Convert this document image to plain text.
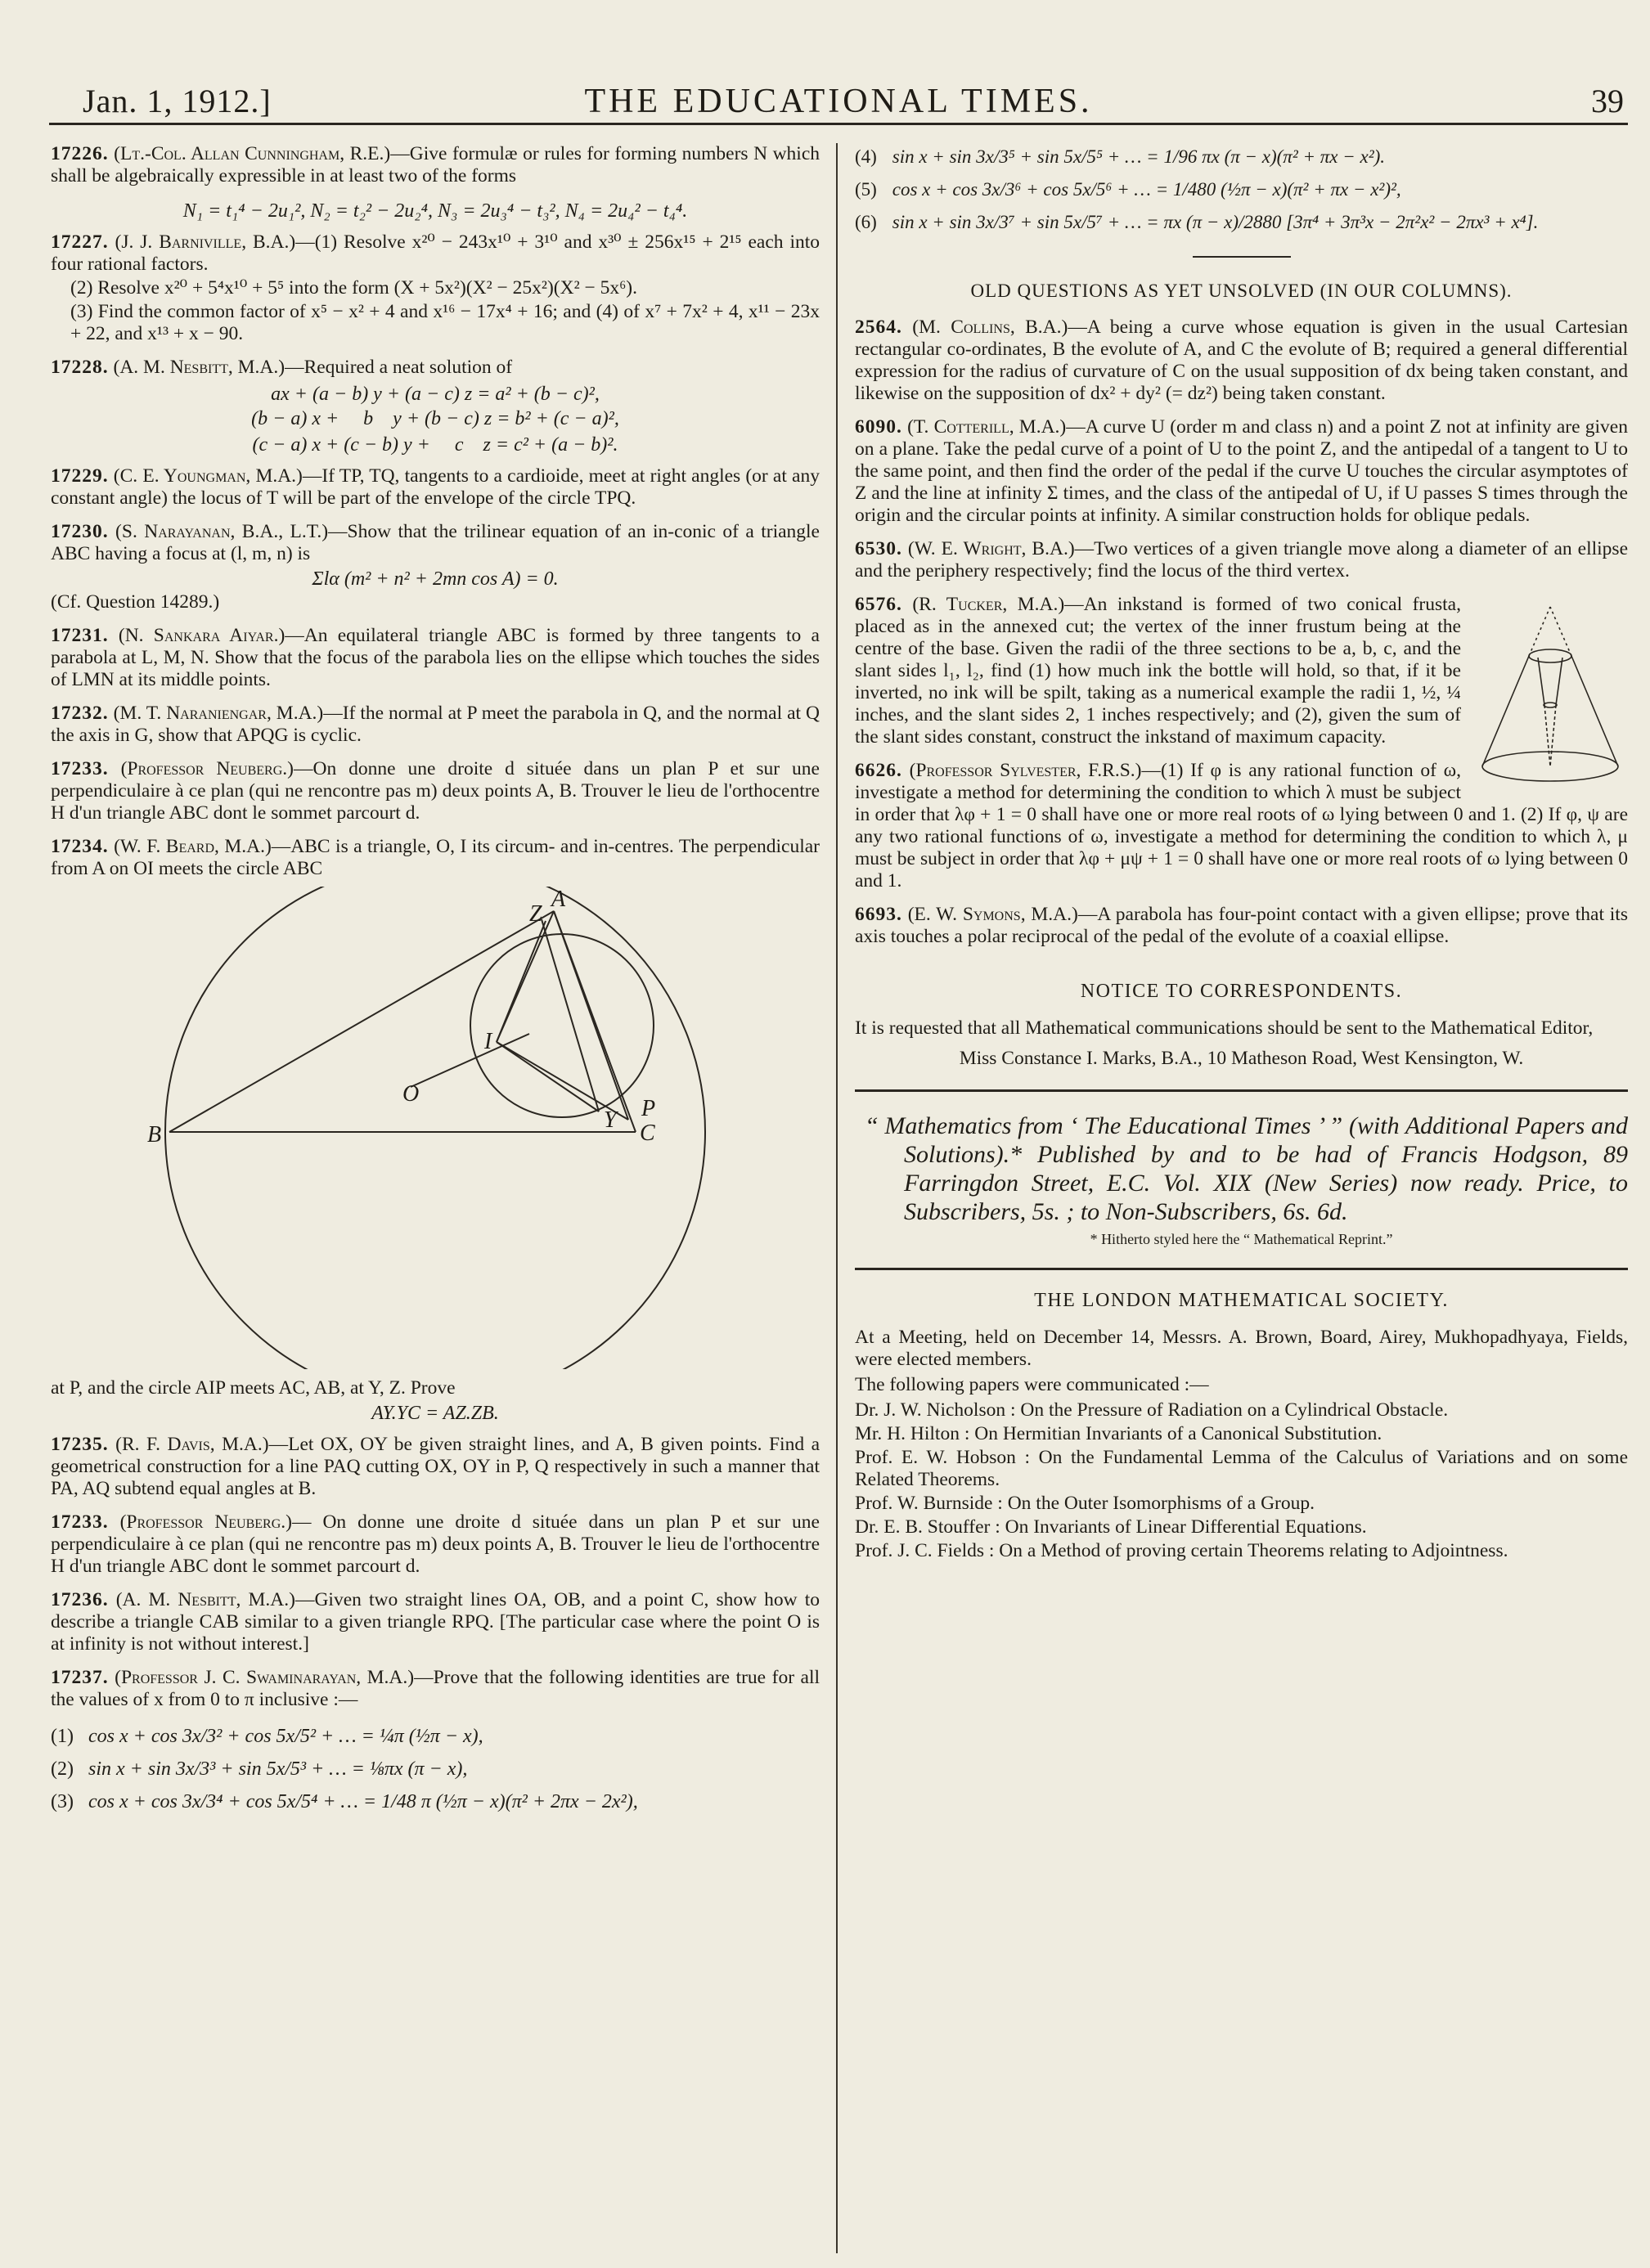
Jan. 1, 1912.]	THE EDUCATIONAL TIMES.	39

17226. (Lt.-Col. Allan Cunningham, R.E.)—Give formulæ or rules for forming numbers N which shall be algebraically expressible in at least two of the forms

N₁ = t₁⁴ − 2u₁², N₂ = t₂² − 2u₂⁴, N₃ = 2u₃⁴ − t₃², N₄ = 2u₄² − t₄⁴.

17227. (J. J. Barniville, B.A.)—(1) Resolve x²⁰ − 243x¹⁰ + 3¹⁰ and x³⁰ ± 256x¹⁵ + 2¹⁵ each into four rational factors.

(2) Resolve x²⁰ + 5⁴x¹⁰ + 5⁵ into the form (X + 5x²)(X² − 25x²)(X² − 5x⁶).

(3) Find the common factor of x⁵ − x² + 4 and x¹⁶ − 17x⁴ + 16; and (4) of x⁷ + 7x² + 4, x¹¹ − 23x + 22, and x¹³ + x − 90.

17228. (A. M. Nesbitt, M.A.)—Required a neat solution of

ax + (a − b) y + (a − c) z = a² + (b − c)²,
(b − a) x +     b    y + (b − c) z = b² + (c − a)²,
(c − a) x + (c − b) y +     c    z = c² + (a − b)².

17229. (C. E. Youngman, M.A.)—If TP, TQ, tangents to a cardioide, meet at right angles (or at any constant angle) the locus of T will be part of the envelope of the circle TPQ.

17230. (S. Narayanan, B.A., L.T.)—Show that the trilinear equation of an in-conic of a triangle ABC having a focus at (l, m, n) is

Σlα (m² + n² + 2mn cos A) = 0.

(Cf. Question 14289.)

17231. (N. Sankara Aiyar.)—An equilateral triangle ABC is formed by three tangents to a parabola at L, M, N. Show that the focus of the parabola lies on the ellipse which touches the sides of LMN at its middle points.

17232. (M. T. Naraniengar, M.A.)—If the normal at P meet the parabola in Q, and the normal at Q the axis in G, show that APQG is cyclic.

17233. (Professor Neuberg.)—On donne une droite d située dans un plan P et sur une perpendiculaire à ce plan (qui ne rencontre pas m) deux points A, B. Trouver le lieu de l'orthocentre H d'un triangle ABC dont le sommet parcourt d.

17234. (W. F. Beard, M.A.)—ABC is a triangle, O, I its circum- and in-centres. The perpendicular from A on OI meets the circle ABC

A
B	C
O
I
P
Y
Z

at P, and the circle AIP meets AC, AB, at Y, Z. Prove

AY.YC = AZ.ZB.

17235. (R. F. Davis, M.A.)—Let OX, OY be given straight lines, and A, B given points. Find a geometrical construction for a line PAQ cutting OX, OY in P, Q respectively in such a manner that PA, AQ subtend equal angles at B.

17233. (Professor Neuberg.)— On donne une droite d située dans un plan P et sur une perpendiculaire à ce plan (qui ne rencontre pas m) deux points A, B. Trouver le lieu de l'orthocentre H d'un triangle ABC dont le sommet parcourt d.

17236. (A. M. Nesbitt, M.A.)—Given two straight lines OA, OB, and a point C, show how to describe a triangle CAB similar to a given triangle RPQ. [The particular case where the point O is at infinity is not without interest.]

17237. (Professor J. C. Swaminarayan, M.A.)—Prove that the following identities are true for all the values of x from 0 to π inclusive :—

(1) cos x + cos 3x/3² + cos 5x/5² + … = ¼π (½π − x),
(2) sin x + sin 3x/3³ + sin 5x/5³ + … = ⅛πx (π − x),
(3) cos x + cos 3x/3⁴ + cos 5x/5⁴ + … = 1/48 π (½π − x)(π² + 2πx − 2x²),
(4) sin x + sin 3x/3⁵ + sin 5x/5⁵ + … = 1/96 πx (π − x)(π² + πx − x²).
(5) cos x + cos 3x/3⁶ + cos 5x/5⁶ + … = 1/480 (½π − x)(π² + πx − x²)²,
(6) sin x + sin 3x/3⁷ + sin 5x/5⁷ + … = πx (π − x)/2880 [3π⁴ + 3π³x − 2π²x² − 2πx³ + x⁴].
OLD QUESTIONS AS YET UNSOLVED (IN OUR COLUMNS).

2564. (M. Collins, B.A.)—A being a curve whose equation is given in the usual Cartesian rectangular co-ordinates, B the evolute of A, and C the evolute of B; required a general differential expression for the radius of curvature of C on the usual supposition of dx being taken constant, and likewise on the supposition of dx² + dy² (= dz²) being taken constant.

6090. (T. Cotterill, M.A.)—A curve U (order m and class n) and a point Z not at infinity are given on a plane. Take the pedal curve of a point of U to the point Z, and the antipedal of a tangent to U to the same point, and then find the order of the pedal if the curve U touches the circular asymptotes of Z and the line at infinity Σ times, and the class of the antipedal of U, if U passes S times through the origin and the circular points at infinity. A similar construction holds for oblique pedals.

6530. (W. E. Wright, B.A.)—Two vertices of a given triangle move along a diameter of an ellipse and the periphery respectively; find the locus of the third vertex.

6576. (R. Tucker, M.A.)—An inkstand is formed of two conical frusta, placed as in the annexed cut; the vertex of the inner frustum being at the centre of the base. Given the radii of the three sections to be a, b, c, and the slant sides l₁, l₂, find (1) how much ink the bottle will hold, so that, if it be inverted, no ink will be spilt, taking as a numerical example the radii 1, ½, ¼ inches, and the slant sides 2, 1 inches respectively; and (2), given the sum of the slant sides constant, construct the inkstand of maximum capacity.

6626. (Professor Sylvester, F.R.S.)—(1) If φ is any rational function of ω, investigate a method for determining the condition to which λ must be subject in order that λφ + 1 = 0 shall have one or more real roots of ω lying between 0 and 1. (2) If φ, ψ are any two rational functions of ω, investigate a method for determining the condition to which λ, μ must be subject in order that λφ + μψ + 1 = 0 shall have one or more real roots of ω lying between 0 and 1.

6693. (E. W. Symons, M.A.)—A parabola has four-point contact with a given ellipse; prove that its axis touches a polar reciprocal of the pedal of the evolute of a coaxial ellipse.

NOTICE TO CORRESPONDENTS.

It is requested that all Mathematical communications should be sent to the Mathematical Editor,

Miss Constance I. Marks, B.A., 10 Matheson Road, West Kensington, W.

“ Mathematics from ‘ The Educational Times ’ ” (with Additional Papers and Solutions).* Published by and to be had of Francis Hodgson, 89 Farringdon Street, E.C. Vol. XIX (New Series) now ready. Price, to Subscribers, 5s. ; to Non-Subscribers, 6s. 6d.

* Hitherto styled here the “ Mathematical Reprint.”
THE LONDON MATHEMATICAL SOCIETY.

At a Meeting, held on December 14, Messrs. A. Brown, Board, Airey, Mukhopadhyaya, Fields, were elected members.

The following papers were communicated :—

Dr. J. W. Nicholson : On the Pressure of Radiation on a Cylindrical Obstacle.

Mr. H. Hilton : On Hermitian Invariants of a Canonical Substitution.

Prof. E. W. Hobson : On the Fundamental Lemma of the Calculus of Variations and on some Related Theorems.

Prof. W. Burnside : On the Outer Isomorphisms of a Group.

Dr. E. B. Stouffer : On Invariants of Linear Differential Equations.

Prof. J. C. Fields : On a Method of proving certain Theorems relating to Adjointness.
